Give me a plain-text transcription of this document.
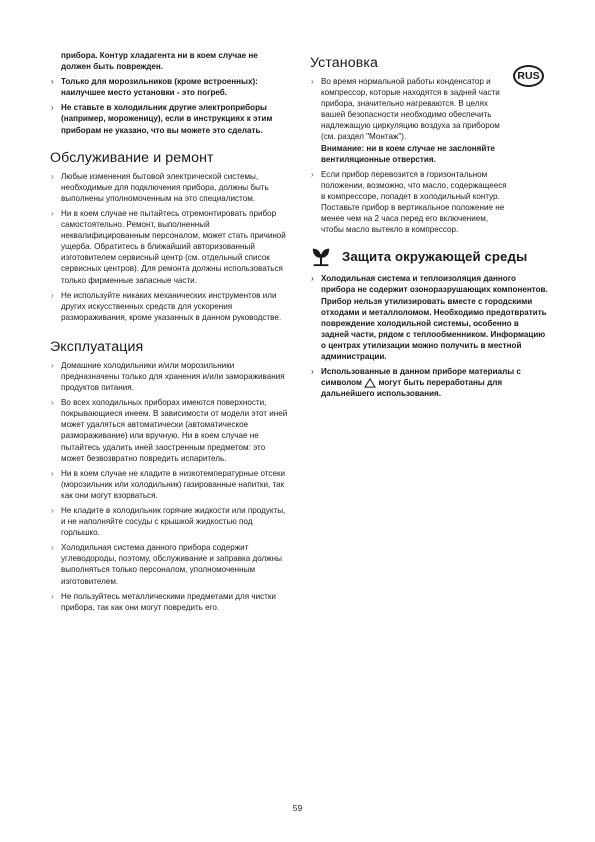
прибора. Контур хладагента ни в коем случае не должен быть поврежден.
› Только для морозильников (кроме встроенных): наилучшее место установки - это погреб.
› Не ставьте в холодильник другие электроприборы (например, мороженицу), если в инструкциях к этим приборам не указано, что вы можете это сделать.
Обслуживание и ремонт
› Любые изменения бытовой электрической системы, необходимые для подключения прибора, должны быть выполнены уполномоченным на это специалистом.
› Ни в коем случае не пытайтесь отремонтировать прибор самостоятельно. Ремонт, выполненный неквалифицированным персоналом, может стать причиной ущерба. Обратитесь в ближайший авторизованный изготовителем сервисный центр (см. отдельный список сервисных центров). Для ремонта должны использоваться только фирменные запасные части.
› Не используйте никаких механических инструментов или других искусственных средств для ускорения размораживания, кроме указанных в данном руководстве.
Эксплуатация
› Домашние холодильники и/или морозильники предназначены только для хранения и/или замораживания продуктов питания.
› Во всех холодильных приборах имеются поверхности, покрывающиеся инеем. В зависимости от модели этот иней может удаляться автоматически (автоматическое размораживание) или вручную. Ни в коем случае не пытайтесь удалить иней заостренным предметом: это может безвозвратно повредить испаритель.
› Ни в коем случае не кладите в низкотемпературные отсеки (морозильник или холодильник) газированные напитки, так как они могут взорваться.
› Не кладите в холодильник горячие жидкости или продукты, и не наполняйте сосуды с крышкой жидкостью под горлышко.
› Холодильная система данного прибора содержит углеводороды, поэтому, обслуживание и заправка должны выполняться только персоналом, уполномоченным изготовителем.
› Не пользуйтесь металлическими предметами для чистки прибора, так как они могут повредить его.
RUS
Установка
› Во время нормальной работы конденсатор и компрессор, которые находятся в задней части прибора, значительно нагреваются. В целях вашей безопасности необходимо обеспечить надлежащую циркуляцию воздуха за прибором (см. раздел "Монтаж").
Внимание: ни в коем случае не заслоняйте вентиляционные отверстия.
› Если прибор перевозится в горизонтальном положении, возможно, что масло, содержащееся в компрессоре, попадет в холодильный контур. Поставьте прибор в вертикальное положение не менее чем на 2 часа перед его включением, чтобы масло вытекло в компрессор.
Защита окружающей среды
› Холодильная система и теплоизоляция данного прибора не содержит озоноразрушающих компонентов. Прибор нельзя утилизировать вместе с городскими отходами и металлоломом. Необходимо предотвратить повреждение холодильной системы, особенно в задней части, рядом с теплообменником. Информацию о центрах утилизации можно получить в местной администрации.
› Использованные в данном приборе материалы с символом могут быть переработаны для дальнейшего использования.
59
